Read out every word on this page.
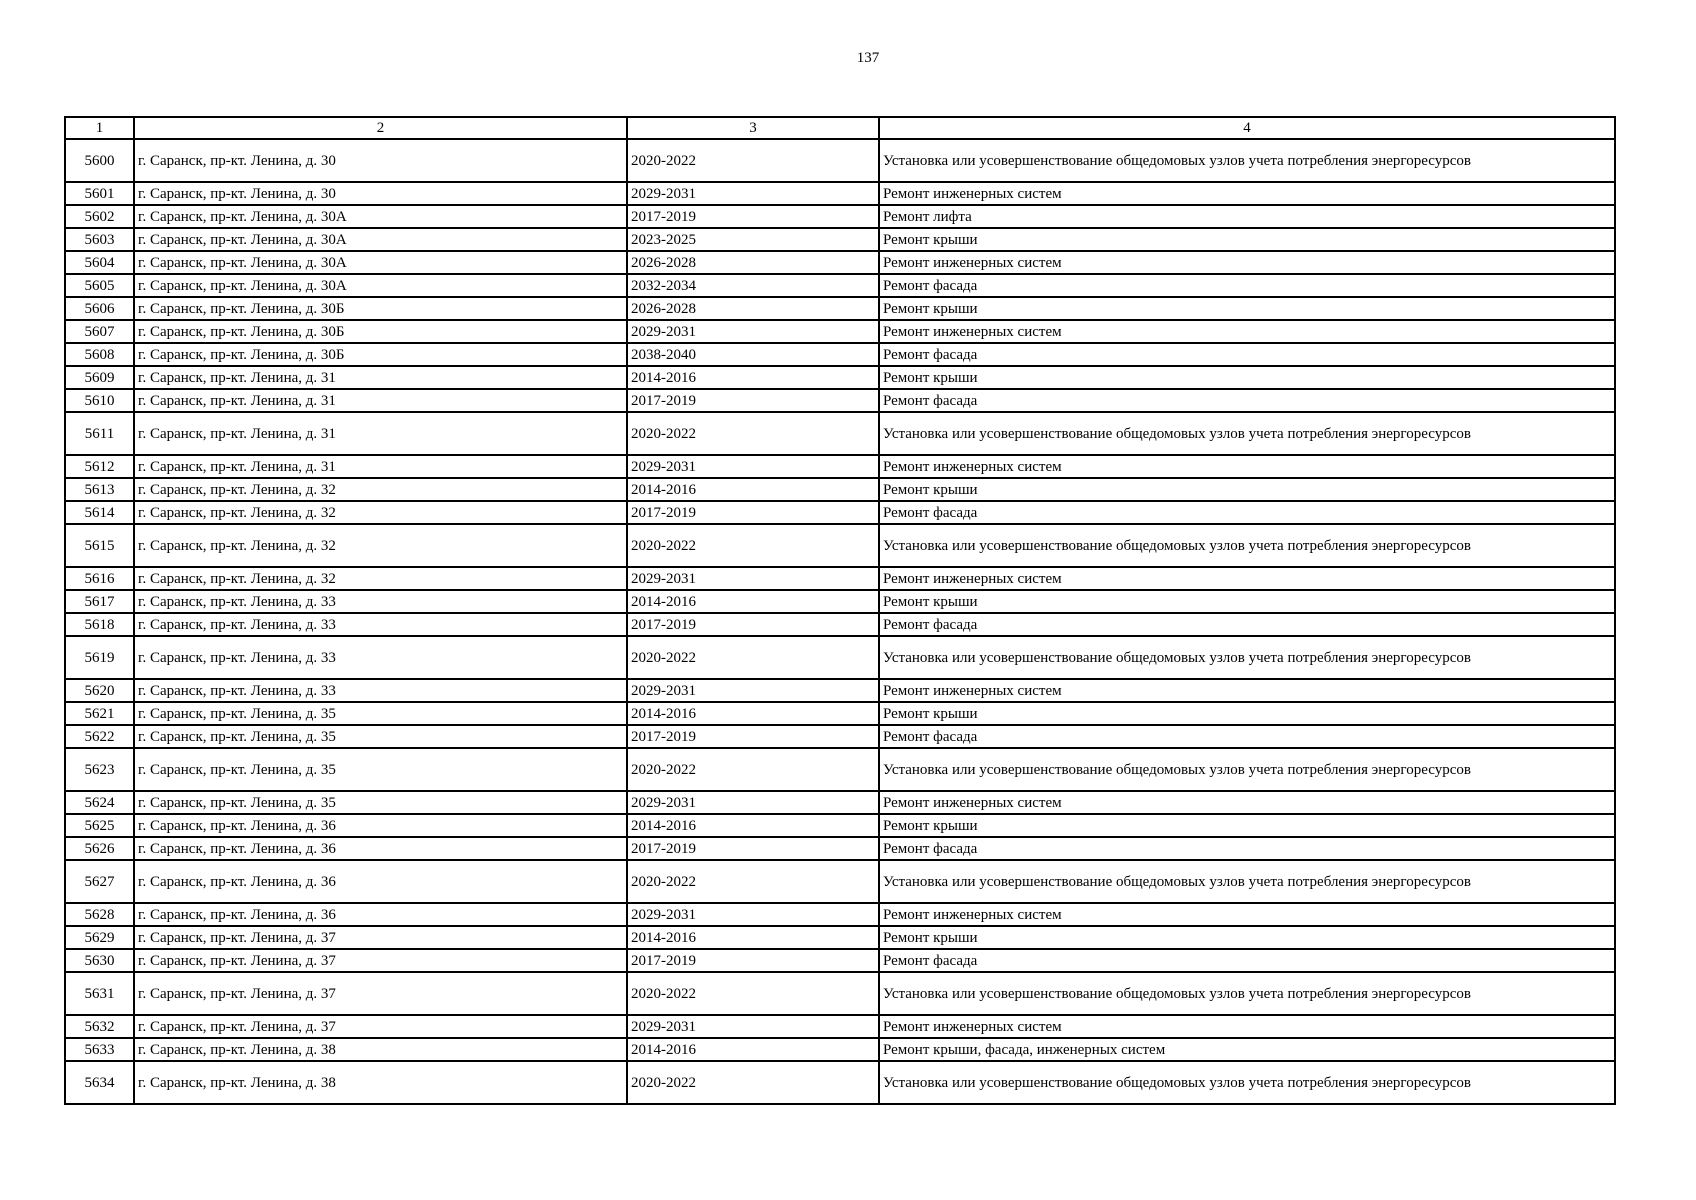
137
1	2	3	4
5600	г. Саранск, пр-кт. Ленина, д. 30	2020-2022	Установка или усовершенствование общедомовых узлов учета потребления энергоресурсов
5601	г. Саранск, пр-кт. Ленина, д. 30	2029-2031	Ремонт инженерных систем
5602	г. Саранск, пр-кт. Ленина, д. 30А	2017-2019	Ремонт лифта
5603	г. Саранск, пр-кт. Ленина, д. 30А	2023-2025	Ремонт крыши
5604	г. Саранск, пр-кт. Ленина, д. 30А	2026-2028	Ремонт инженерных систем
5605	г. Саранск, пр-кт. Ленина, д. 30А	2032-2034	Ремонт фасада
5606	г. Саранск, пр-кт. Ленина, д. 30Б	2026-2028	Ремонт крыши
5607	г. Саранск, пр-кт. Ленина, д. 30Б	2029-2031	Ремонт инженерных систем
5608	г. Саранск, пр-кт. Ленина, д. 30Б	2038-2040	Ремонт фасада
5609	г. Саранск, пр-кт. Ленина, д. 31	2014-2016	Ремонт крыши
5610	г. Саранск, пр-кт. Ленина, д. 31	2017-2019	Ремонт фасада
5611	г. Саранск, пр-кт. Ленина, д. 31	2020-2022	Установка или усовершенствование общедомовых узлов учета потребления энергоресурсов
5612	г. Саранск, пр-кт. Ленина, д. 31	2029-2031	Ремонт инженерных систем
5613	г. Саранск, пр-кт. Ленина, д. 32	2014-2016	Ремонт крыши
5614	г. Саранск, пр-кт. Ленина, д. 32	2017-2019	Ремонт фасада
5615	г. Саранск, пр-кт. Ленина, д. 32	2020-2022	Установка или усовершенствование общедомовых узлов учета потребления энергоресурсов
5616	г. Саранск, пр-кт. Ленина, д. 32	2029-2031	Ремонт инженерных систем
5617	г. Саранск, пр-кт. Ленина, д. 33	2014-2016	Ремонт крыши
5618	г. Саранск, пр-кт. Ленина, д. 33	2017-2019	Ремонт фасада
5619	г. Саранск, пр-кт. Ленина, д. 33	2020-2022	Установка или усовершенствование общедомовых узлов учета потребления энергоресурсов
5620	г. Саранск, пр-кт. Ленина, д. 33	2029-2031	Ремонт инженерных систем
5621	г. Саранск, пр-кт. Ленина, д. 35	2014-2016	Ремонт крыши
5622	г. Саранск, пр-кт. Ленина, д. 35	2017-2019	Ремонт фасада
5623	г. Саранск, пр-кт. Ленина, д. 35	2020-2022	Установка или усовершенствование общедомовых узлов учета потребления энергоресурсов
5624	г. Саранск, пр-кт. Ленина, д. 35	2029-2031	Ремонт инженерных систем
5625	г. Саранск, пр-кт. Ленина, д. 36	2014-2016	Ремонт крыши
5626	г. Саранск, пр-кт. Ленина, д. 36	2017-2019	Ремонт фасада
5627	г. Саранск, пр-кт. Ленина, д. 36	2020-2022	Установка или усовершенствование общедомовых узлов учета потребления энергоресурсов
5628	г. Саранск, пр-кт. Ленина, д. 36	2029-2031	Ремонт инженерных систем
5629	г. Саранск, пр-кт. Ленина, д. 37	2014-2016	Ремонт крыши
5630	г. Саранск, пр-кт. Ленина, д. 37	2017-2019	Ремонт фасада
5631	г. Саранск, пр-кт. Ленина, д. 37	2020-2022	Установка или усовершенствование общедомовых узлов учета потребления энергоресурсов
5632	г. Саранск, пр-кт. Ленина, д. 37	2029-2031	Ремонт инженерных систем
5633	г. Саранск, пр-кт. Ленина, д. 38	2014-2016	Ремонт крыши, фасада, инженерных систем
5634	г. Саранск, пр-кт. Ленина, д. 38	2020-2022	Установка или усовершенствование общедомовых узлов учета потребления энергоресурсов
